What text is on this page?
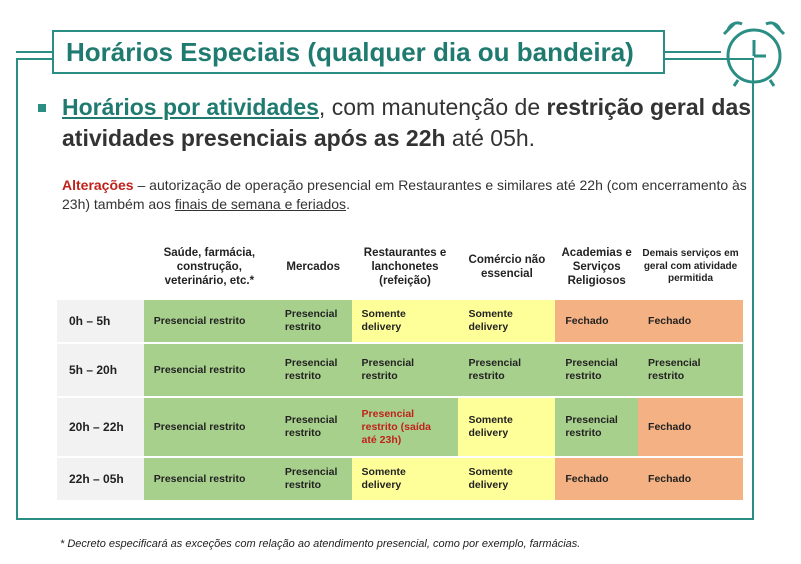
Horários Especiais (qualquer dia ou bandeira)
Horários por atividades, com manutenção de restrição geral das atividades presenciais após as 22h até 05h.
Alterações – autorização de operação presencial em Restaurantes e similares até 22h (com encerramento às 23h) também aos finais de semana e feriados.
	Saúde, farmácia, construção, veterinário, etc.*	Mercados	Restaurantes e lanchonetes (refeição)	Comércio não essencial	Academias e Serviços Religiosos	Demais serviços em geral com atividade permitida
0h – 5h	Presencial restrito	Presencial restrito	Somente delivery	Somente delivery	Fechado	Fechado
5h – 20h	Presencial restrito	Presencial restrito	Presencial restrito	Presencial restrito	Presencial restrito	Presencial restrito
20h – 22h	Presencial restrito	Presencial restrito	Presencial restrito (saída até 23h)	Somente delivery	Presencial restrito	Fechado
22h – 05h	Presencial restrito	Presencial restrito	Somente delivery	Somente delivery	Fechado	Fechado
* Decreto especificará as exceções com relação ao atendimento presencial, como por exemplo, farmácias.
